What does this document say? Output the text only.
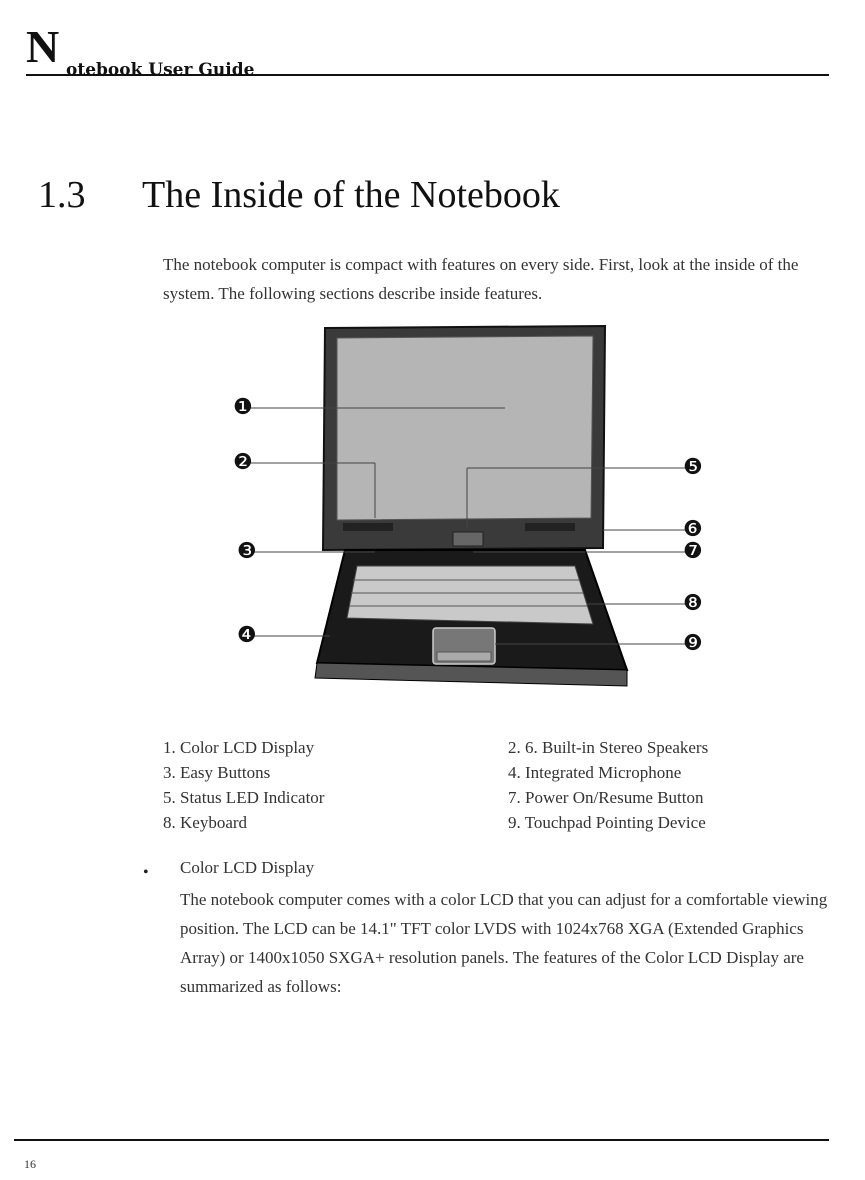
N otebook User Guide
1.3 The Inside of the Notebook
The notebook computer is compact with features on every side. First, look at the inside of the system. The following sections describe inside features.
❶
❷
❸
❹
❺
❻
❼
❽
❾
1. Color LCD Display	2. 6. Built-in Stereo Speakers
3. Easy Buttons	4. Integrated Microphone
5. Status LED Indicator	7. Power On/Resume Button
8. Keyboard	9. Touchpad Pointing Device
• Color LCD Display
The notebook computer comes with a color LCD that you can adjust for a comfortable viewing position. The LCD can be 14.1" TFT color LVDS with 1024x768 XGA (Extended Graphics Array) or 1400x1050 SXGA+ resolution panels. The features of the Color LCD Display are summarized as follows:
16
